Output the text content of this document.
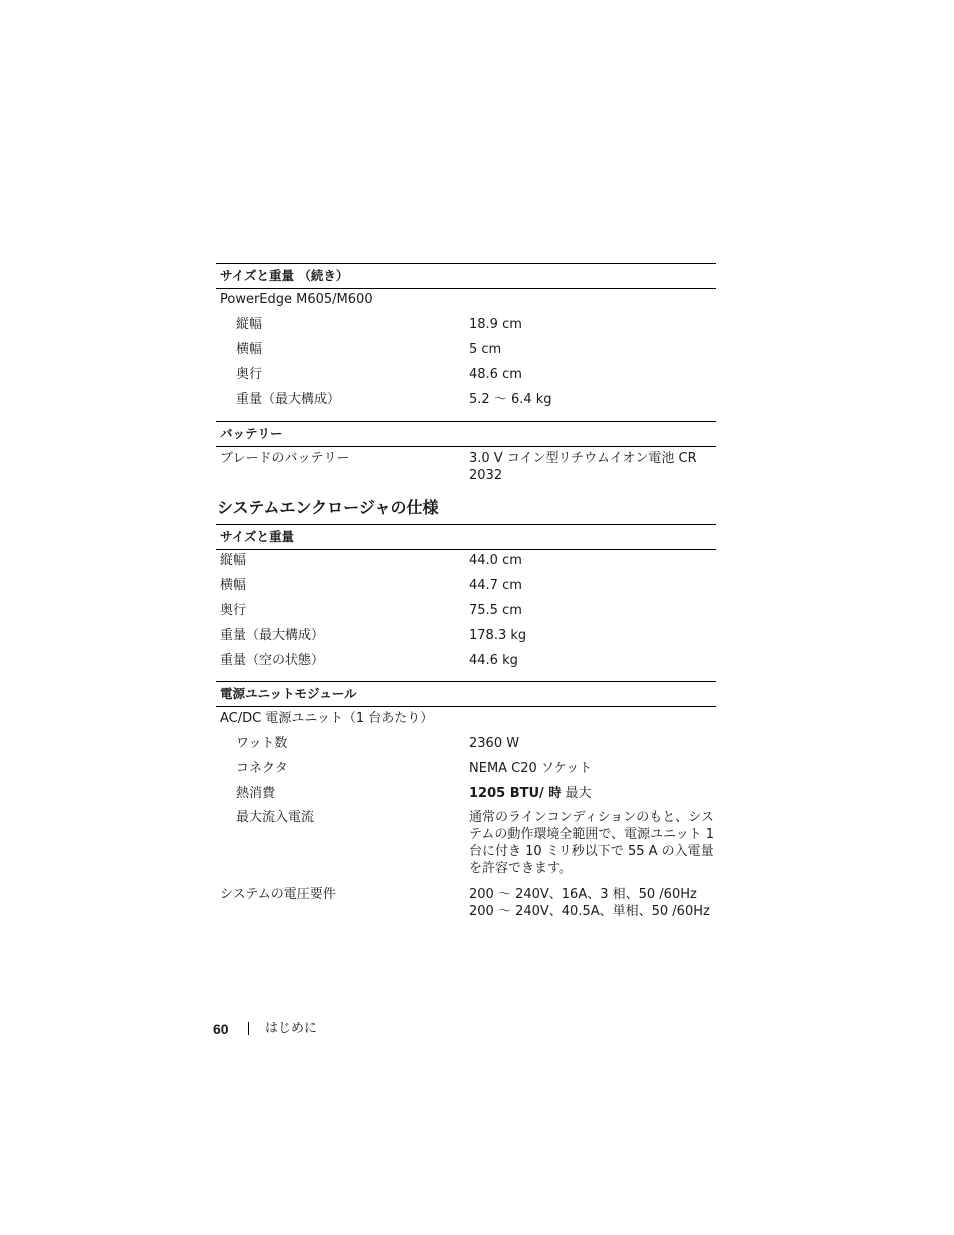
サイズと重量 （続き）
PowerEdge M605/M600
縦幅	18.9 cm
横幅	5 cm
奥行	48.6 cm
重量（最大構成）	5.2 ～ 6.4 kg
バッテリー
ブレードのバッテリー	3.0 V コイン型リチウムイオン電池 CR 2032
システムエンクロージャの仕様
サイズと重量
縦幅	44.0 cm
横幅	44.7 cm
奥行	75.5 cm
重量（最大構成）	178.3 kg
重量（空の状態）	44.6 kg
電源ユニットモジュール
AC/DC 電源ユニット（1 台あたり）
ワット数	2360 W
コネクタ	NEMA C20 ソケット
熱消費	1205 BTU/ 時 最大
最大流入電流	通常のラインコンディションのもと、システムの動作環境全範囲で、電源ユニット 1 台に付き 10 ミリ秒以下で 55 A の入電量を許容できます。
システムの電圧要件	200 ～ 240V、16A、3 相、50 /60Hz
200 ～ 240V、40.5A、単相、50 /60Hz
60	はじめに
